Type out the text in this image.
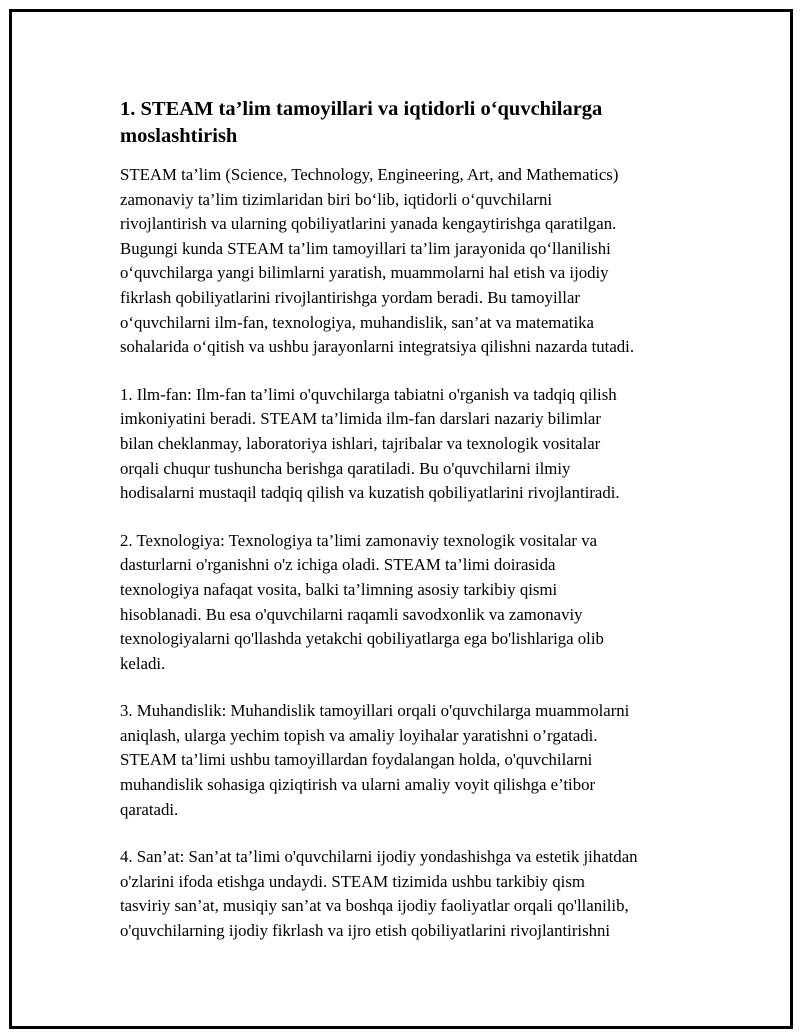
1. STEAM ta’lim tamoyillari va iqtidorli o‘quvchilarga
moslashtirish

STEAM ta’lim (Science, Technology, Engineering, Art, and Mathematics)
zamonaviy ta’lim tizimlaridan biri bo‘lib, iqtidorli o‘quvchilarni
rivojlantirish va ularning qobiliyatlarini yanada kengaytirishga qaratilgan.
Bugungi kunda STEAM ta’lim tamoyillari ta’lim jarayonida qo‘llanilishi
o‘quvchilarga yangi bilimlarni yaratish, muammolarni hal etish va ijodiy
fikrlash qobiliyatlarini rivojlantirishga yordam beradi. Bu tamoyillar
o‘quvchilarni ilm-fan, texnologiya, muhandislik, san’at va matematika
sohalarida o‘qitish va ushbu jarayonlarni integratsiya qilishni nazarda tutadi.

1. Ilm-fan: Ilm-fan ta’limi o'quvchilarga tabiatni o'rganish va tadqiq qilish
imkoniyatini beradi. STEAM ta’limida ilm-fan darslari nazariy bilimlar
bilan cheklanmay, laboratoriya ishlari, tajribalar va texnologik vositalar
orqali chuqur tushuncha berishga qaratiladi. Bu o'quvchilarni ilmiy
hodisalarni mustaqil tadqiq qilish va kuzatish qobiliyatlarini rivojlantiradi.

2. Texnologiya: Texnologiya ta’limi zamonaviy texnologik vositalar va
dasturlarni o'rganishni o'z ichiga oladi. STEAM ta’limi doirasida
texnologiya nafaqat vosita, balki ta’limning asosiy tarkibiy qismi
hisoblanadi. Bu esa o'quvchilarni raqamli savodxonlik va zamonaviy
texnologiyalarni qo'llashda yetakchi qobiliyatlarga ega bo'lishlariga olib
keladi.

3. Muhandislik: Muhandislik tamoyillari orqali o'quvchilarga muammolarni
aniqlash, ularga yechim topish va amaliy loyihalar yaratishni o’rgatadi.
STEAM ta’limi ushbu tamoyillardan foydalangan holda, o'quvchilarni
muhandislik sohasiga qiziqtirish va ularni amaliy voyit qilishga e’tibor
qaratadi.

4. San’at: San’at ta’limi o'quvchilarni ijodiy yondashishga va estetik jihatdan
o'zlarini ifoda etishga undaydi. STEAM tizimida ushbu tarkibiy qism
tasviriy san’at, musiqiy san’at va boshqa ijodiy faoliyatlar orqali qo'llanilib,
o'quvchilarning ijodiy fikrlash va ijro etish qobiliyatlarini rivojlantirishni
